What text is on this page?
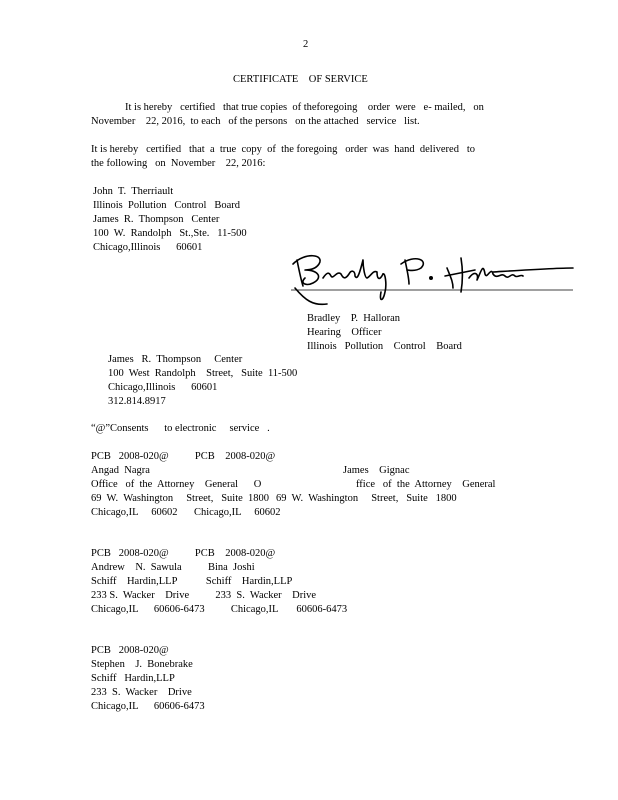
2
CERTIFICATE    OF SERVICE
It is hereby   certified   that true copies  of theforegoing    order  were   e- mailed,   on
November    22, 2016,  to each   of the persons   on the attached   service   list.
It is hereby   certified   that  a  true  copy  of  the foregoing   order  was  hand  delivered   to
the following   on  November    22, 2016:
John  T.  Therriault
Illinois  Pollution   Control   Board
James  R.  Thompson   Center
100  W.  Randolph   St.,Ste.   11-500
Chicago,Illinois      60601
Bradley    P.  Halloran
Hearing    Officer
Illinois   Pollution    Control    Board
James   R.  Thompson     Center
100  West  Randolph    Street,   Suite  11-500
Chicago,Illinois      60601
312.814.8917
“@”Consents      to electronic     service   .
PCB   2008-020@          PCB    2008-020@
Angad  Nagra	James    Gignac
Office   of  the  Attorney    General      O	ffice   of  the  Attorney    General
69  W.  Washington     Street,   Suite  1800 69  W.  Washington     Street,   Suite   1800
Chicago,IL     60602 Chicago,IL     60602
PCB   2008-020@          PCB    2008-020@
Andrew    N.  Sawula          Bina  Joshi
Schiff    Hardin,LLP           Schiff    Hardin,LLP
233 S.  Wacker    Drive          233  S.  Wacker    Drive
Chicago,IL      60606-6473          Chicago,IL       60606-6473
PCB   2008-020@
Stephen    J.  Bonebrake
Schiff   Hardin,LLP
233  S.  Wacker    Drive
Chicago,IL      60606-6473
